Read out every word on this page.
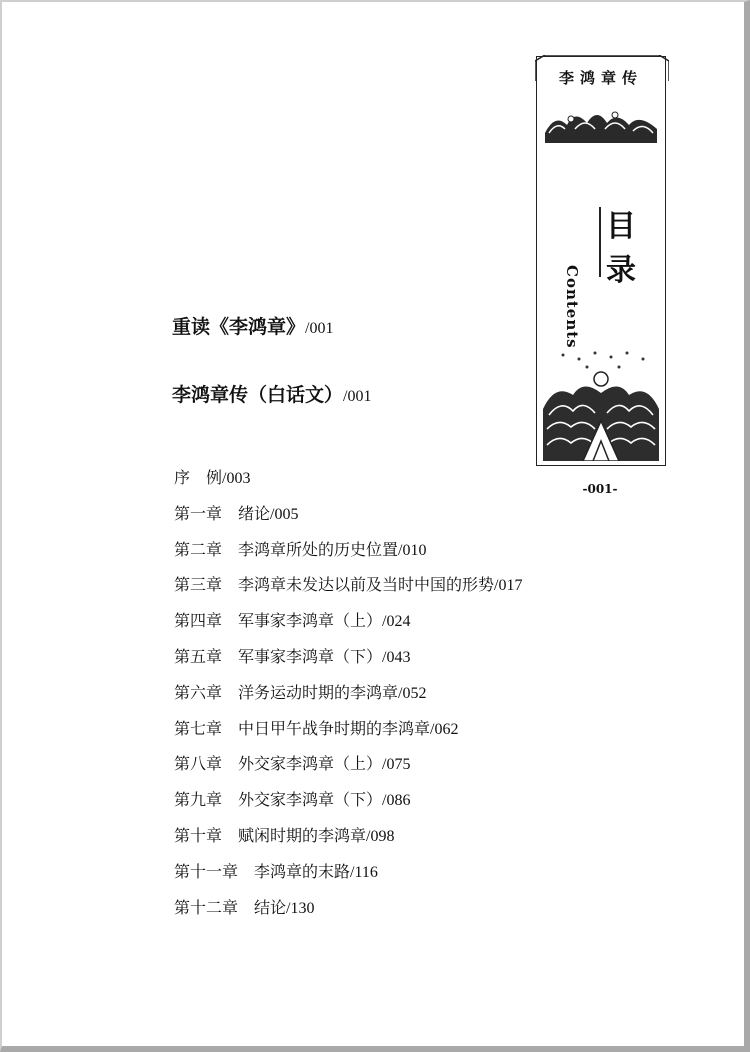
李鸿章传
目
录
Contents
-001-
重读《李鸿章》/001
李鸿章传（白话文）/001
序　例/003
第一章 绪论/005
第二章 李鸿章所处的历史位置/010
第三章 李鸿章未发达以前及当时中国的形势/017
第四章 军事家李鸿章（上）/024
第五章 军事家李鸿章（下）/043
第六章 洋务运动时期的李鸿章/052
第七章 中日甲午战争时期的李鸿章/062
第八章 外交家李鸿章（上）/075
第九章 外交家李鸿章（下）/086
第十章 赋闲时期的李鸿章/098
第十一章 李鸿章的末路/116
第十二章 结论/130
